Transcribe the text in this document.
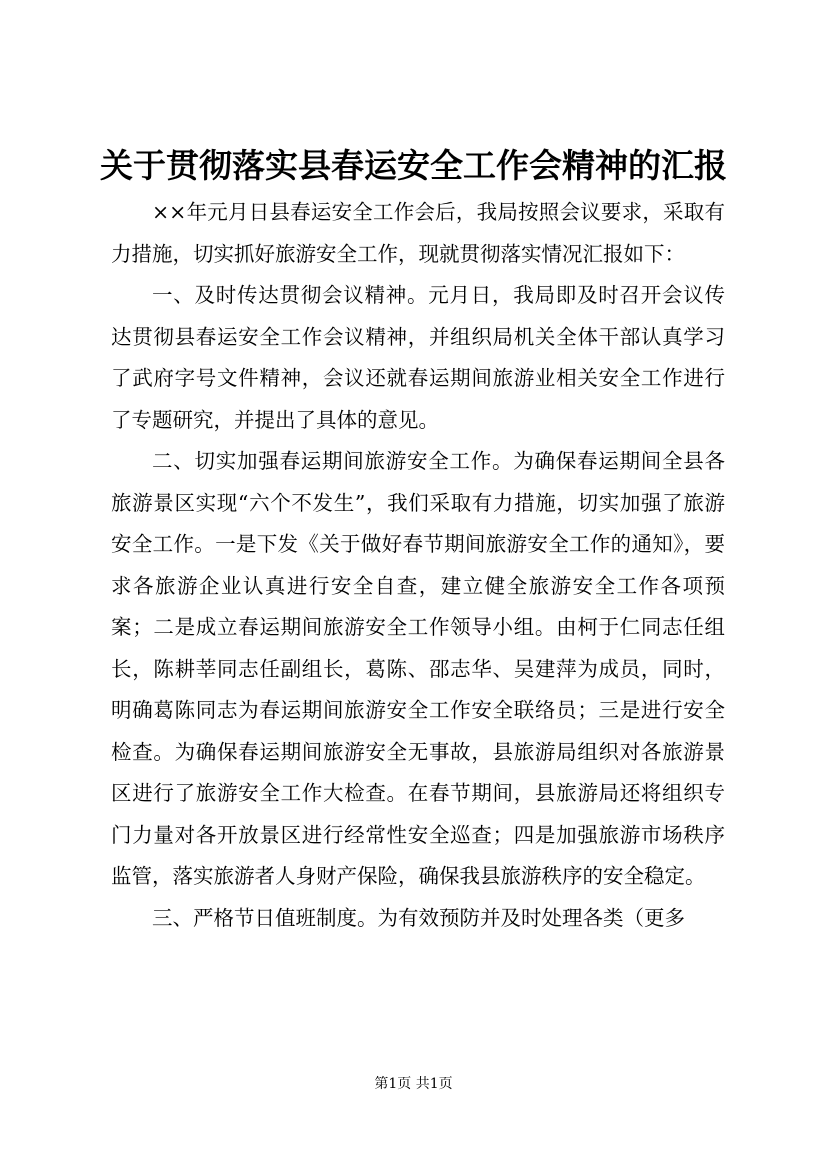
关于贯彻落实县春运安全工作会精神的汇报

××年元月日县春运安全工作会后，我局按照会议要求，采取有力措施，切实抓好旅游安全工作，现就贯彻落实情况汇报如下：

一、及时传达贯彻会议精神。元月日，我局即及时召开会议传达贯彻县春运安全工作会议精神，并组织局机关全体干部认真学习了武府字号文件精神，会议还就春运期间旅游业相关安全工作进行了专题研究，并提出了具体的意见。

二、切实加强春运期间旅游安全工作。为确保春运期间全县各旅游景区实现“六个不发生”，我们采取有力措施，切实加强了旅游安全工作。一是下发《关于做好春节期间旅游安全工作的通知》，要求各旅游企业认真进行安全自查，建立健全旅游安全工作各项预案；二是成立春运期间旅游安全工作领导小组。由柯于仁同志任组长，陈耕莘同志任副组长，葛陈、邵志华、吴建萍为成员，同时，明确葛陈同志为春运期间旅游安全工作安全联络员；三是进行安全检查。为确保春运期间旅游安全无事故，县旅游局组织对各旅游景区进行了旅游安全工作大检查。在春节期间，县旅游局还将组织专门力量对各开放景区进行经常性安全巡查；四是加强旅游市场秩序监管，落实旅游者人身财产保险，确保我县旅游秩序的安全稳定。

三、严格节日值班制度。为有效预防并及时处理各类（更多

第1页 共1页
